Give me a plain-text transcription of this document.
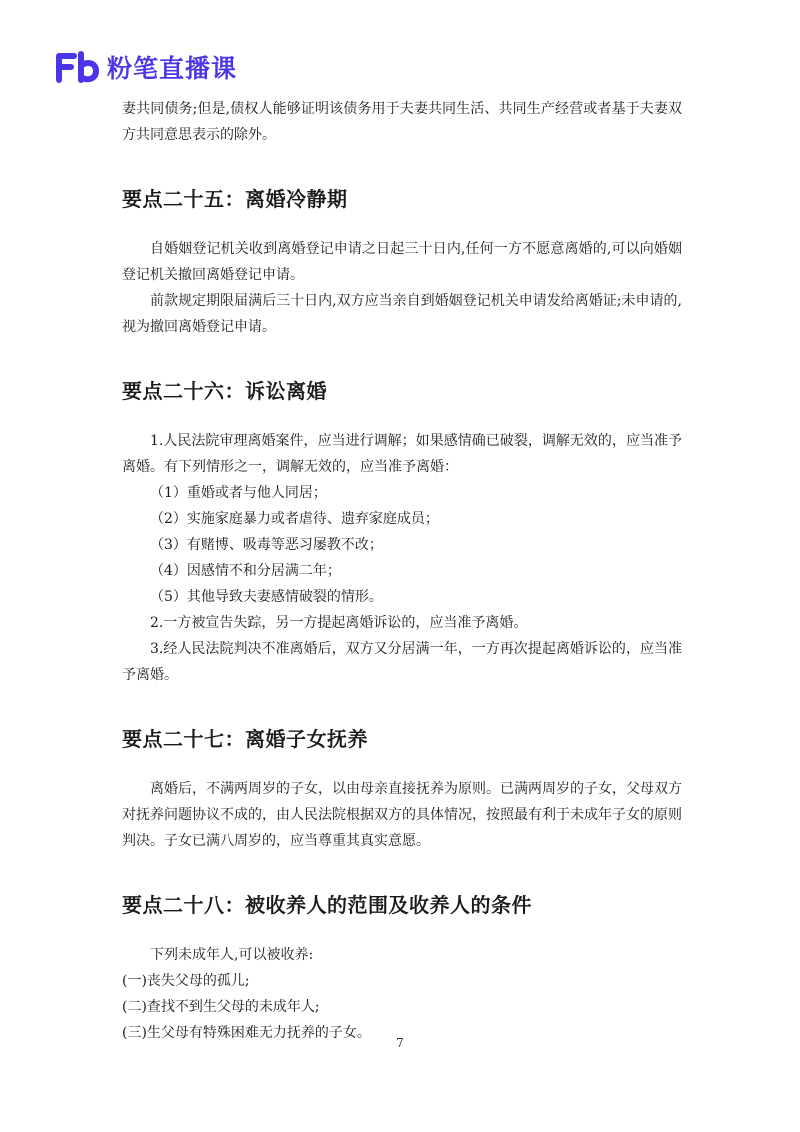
粉笔直播课

妻共同债务;但是,债权人能够证明该债务用于夫妻共同生活、共同生产经营或者基于夫妻双方共同意思表示的除外。

要点二十五：离婚冷静期

自婚姻登记机关收到离婚登记申请之日起三十日内,任何一方不愿意离婚的,可以向婚姻登记机关撤回离婚登记申请。

前款规定期限届满后三十日内,双方应当亲自到婚姻登记机关申请发给离婚证;未申请的,视为撤回离婚登记申请。

要点二十六：诉讼离婚

1.人民法院审理离婚案件，应当进行调解；如果感情确已破裂，调解无效的，应当准予离婚。有下列情形之一，调解无效的，应当准予离婚：

（1）重婚或者与他人同居；

（2）实施家庭暴力或者虐待、遗弃家庭成员；

（3）有赌博、吸毒等恶习屡教不改；

（4）因感情不和分居满二年；

（5）其他导致夫妻感情破裂的情形。

2.一方被宣告失踪，另一方提起离婚诉讼的，应当准予离婚。

3.经人民法院判决不准离婚后，双方又分居满一年，一方再次提起离婚诉讼的，应当准予离婚。

要点二十七：离婚子女抚养

离婚后，不满两周岁的子女，以由母亲直接抚养为原则。已满两周岁的子女，父母双方对抚养问题协议不成的，由人民法院根据双方的具体情况，按照最有利于未成年子女的原则判决。子女已满八周岁的，应当尊重其真实意愿。

要点二十八：被收养人的范围及收养人的条件

下列未成年人,可以被收养:

(一)丧失父母的孤儿;

(二)查找不到生父母的未成年人;

(三)生父母有特殊困难无力抚养的子女。

7
